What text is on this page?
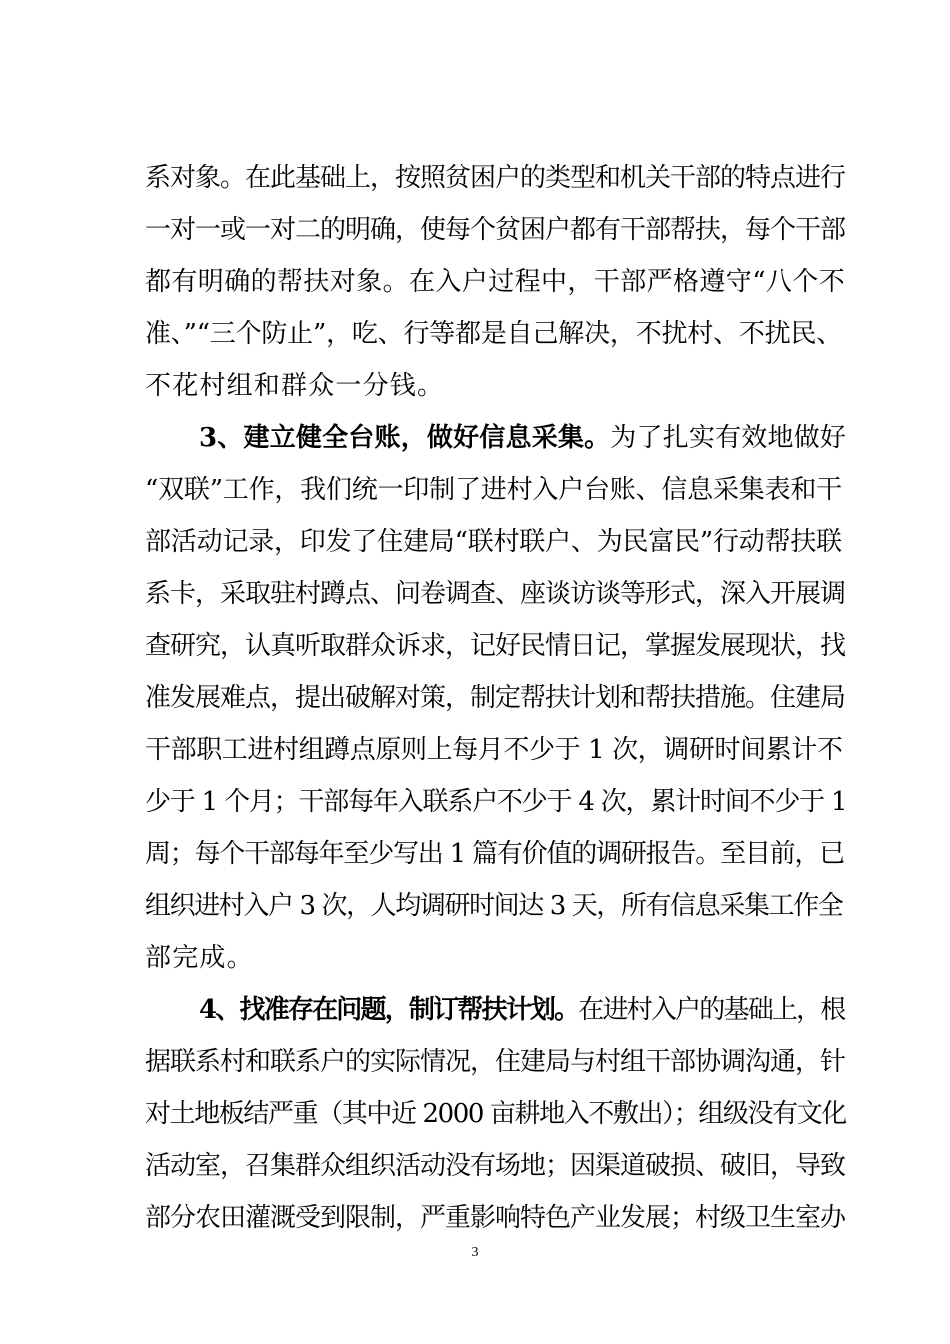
系对象。在此基础上，按照贫困户的类型和机关干部的特点进行
一对一或一对二的明确，使每个贫困户都有干部帮扶，每个干部
都有明确的帮扶对象。在入户过程中，干部严格遵守“八个不
准、”“三个防止”，吃、行等都是自己解决，不扰村、不扰民、
不花村组和群众一分钱。
3、建立健全台账，做好信息采集。为了扎实有效地做好
“双联”工作，我们统一印制了进村入户台账、信息采集表和干
部活动记录，印发了住建局“联村联户、为民富民”行动帮扶联
系卡，采取驻村蹲点、问卷调查、座谈访谈等形式，深入开展调
查研究，认真听取群众诉求，记好民情日记，掌握发展现状，找
准发展难点，提出破解对策，制定帮扶计划和帮扶措施。住建局
干部职工进村组蹲点原则上每月不少于 1 次，调研时间累计不
少于 1 个月；干部每年入联系户不少于 4 次，累计时间不少于 1
周；每个干部每年至少写出 1 篇有价值的调研报告。至目前，已
组织进村入户 3 次，人均调研时间达 3 天，所有信息采集工作全
部完成。
4、找准存在问题，制订帮扶计划。在进村入户的基础上，根
据联系村和联系户的实际情况，住建局与村组干部协调沟通，针
对土地板结严重（其中近 2000 亩耕地入不敷出）；组级没有文化
活动室，召集群众组织活动没有场地；因渠道破损、破旧，导致
部分农田灌溉受到限制，严重影响特色产业发展；村级卫生室办
3
